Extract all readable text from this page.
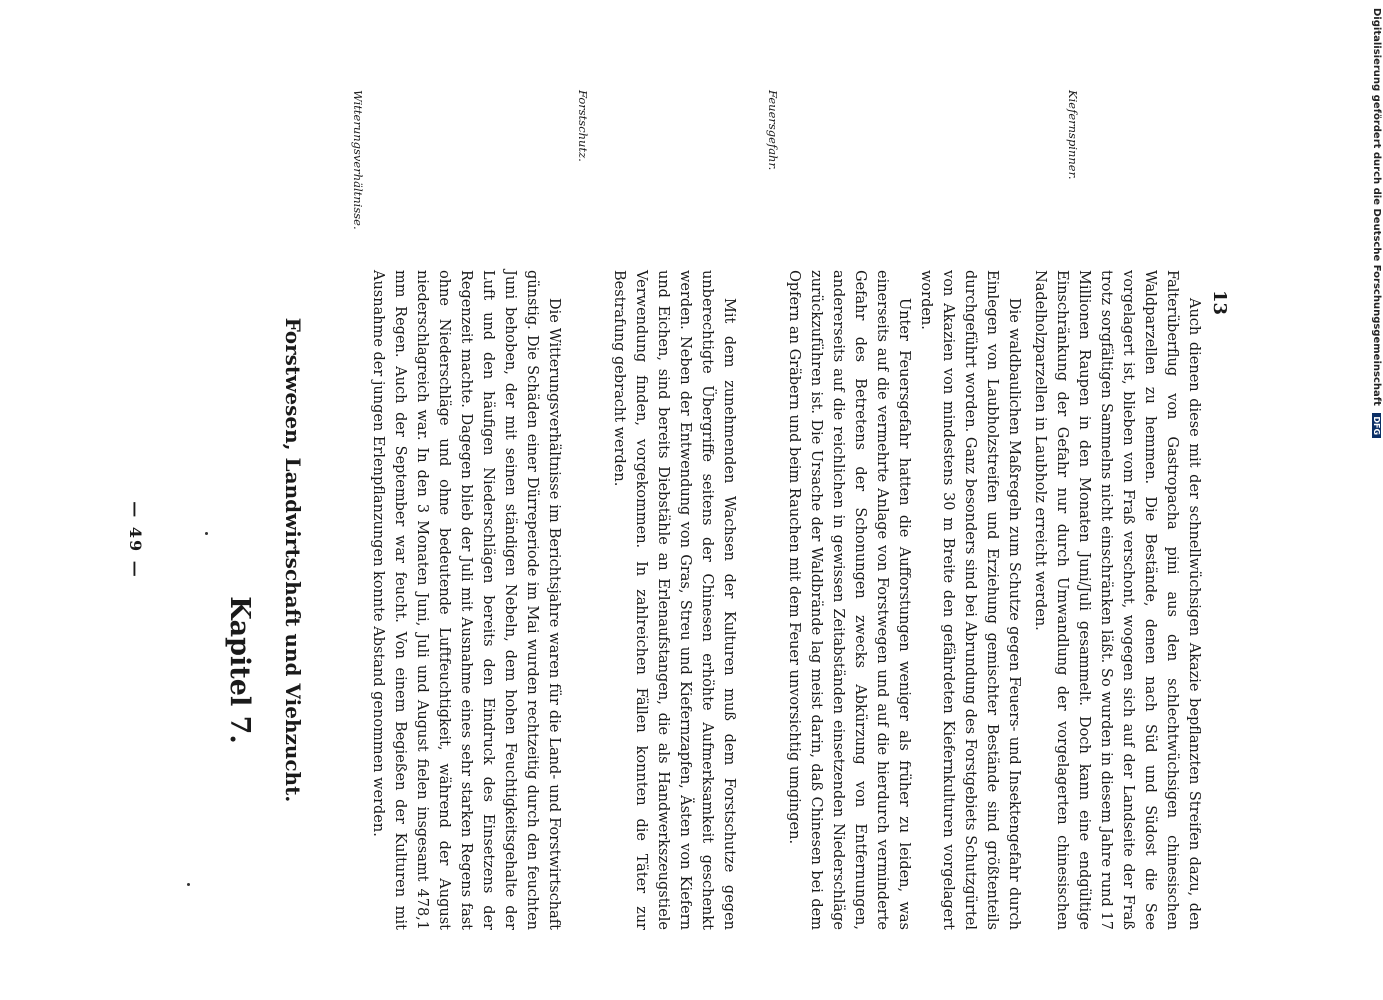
— 49 —
Kapitel 7. Forstwesen, Landwirtschaft und Viehzucht.	Die Witterungsverhältnisse im Berichtsjahre waren für die Land- und Forstwirtschaft günstig. Die Schäden einer Dürreperiode im Mai wurden rechtzeitig durch den feuchten Juni behoben, der mit seinen ständigen Nebeln, dem hohen Feuchtigkeitsgehalte der Luft und den häufigen Niederschlägen bereits den Eindruck des Einsetzens der Regenzeit machte. Dagegen blieb der Juli mit Ausnahme eines sehr starken Regens fast ohne Niederschläge und ohne bedeutende Luftfeuchtigkeit, während der August niederschlagreich war. In den 3 Monaten Juni, Juli und August fielen insgesamt 478,1 mm Regen. Auch der September war feucht. Von einem Begießen der Kulturen mit Ausnahme der jungen Erlenpflanzungen konnte Abstand genommen werden.

Witterungsverhältnisse.

Mit dem zunehmenden Wachsen der Kulturen muß dem Forstschutze gegen unberechtigte Übergriffe seitens der Chinesen erhöhte Aufmerksamkeit geschenkt werden. Neben der Entwendung von Gras, Streu und Kiefernzapfen, Ästen von Kiefern und Eichen, sind bereits Diebstähle an Erlenaufstangen, die als Handwerkszeugstiele Verwendung finden, vorgekommen. In zahlreichen Fällen konnten die Täter zur Bestrafung gebracht werden.

Forstschutz.

Unter Feuersgefahr hatten die Aufforstungen weniger als früher zu leiden, was einerseits auf die vermehrte Anlage von Forstwegen und auf die hierdurch verminderte Gefahr des Betretens der Schonungen zwecks Abkürzung von Entfernungen, andererseits auf die reichlichen in gewissen Zeitabständen einsetzenden Niederschläge zurückzuführen ist. Die Ursache der Waldbrände lag meist darin, daß Chinesen bei dem Opfern an Gräbern und beim Rauchen mit dem Feuer unvorsichtig umgingen.

Feuersgefahr.

Die waldbaulichen Maßregeln zum Schutze gegen Feuers- und Insektengefahr durch Einlegen von Laubholzstreifen und Erziehung gemischter Bestände sind größtenteils durchgeführt worden. Ganz besonders sind bei Abrundung des Forstgebiets Schutzgürtel von Akazien von mindestens 30 m Breite den gefährdeten Kiefernkulturen vorgelagert worden.	Auch dienen diese mit der schnellwüchsigen Akazie bepflanzten Streifen dazu, den Falterüberflug von Gastropacha pini aus den schlechtwüchsigen chinesischen Waldparzellen zu hemmen. Die Bestände, denen nach Süd und Südost die See vorgelagert ist, blieben vom Fraß verschont, wogegen sich auf der Landseite der Fraß trotz sorgfältigen Sammelns nicht einschränken läßt. So wurden in diesem Jahre rund 17 Millionen Raupen in den Monaten Juni/Juli gesammelt. Doch kann eine endgültige Einschränkung der Gefahr nur durch Umwandlung der vorgelagerten chinesischen Nadelholzparzellen in Laubholz erreicht werden.

Kiefernspinner.
13	Digitalisierung gefördert durch die Deutsche Forschungsgemeinschaft DFG
